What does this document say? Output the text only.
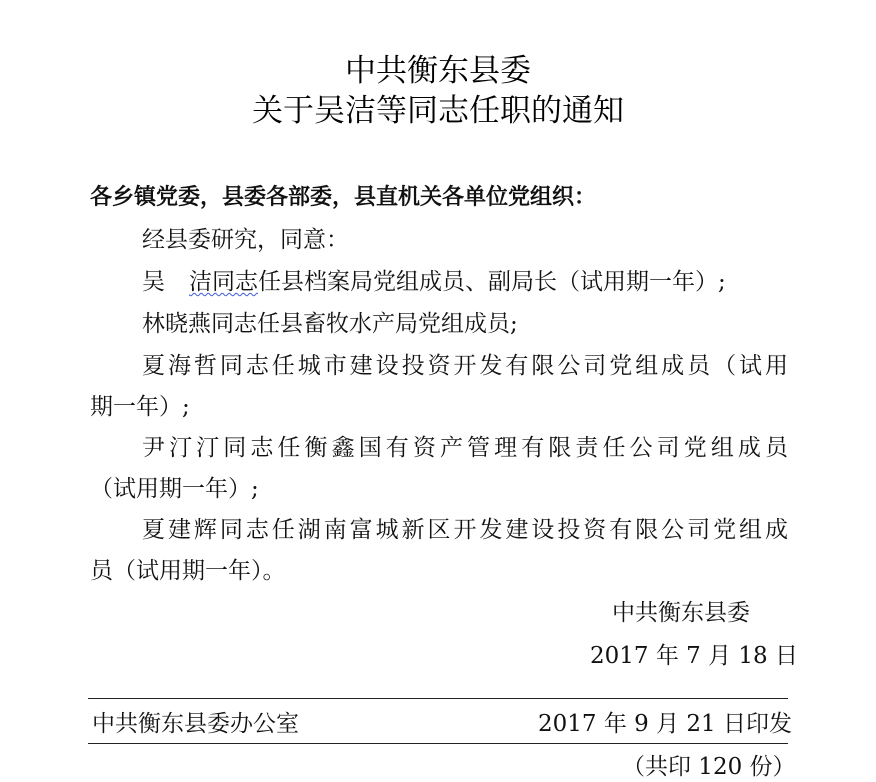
中共衡东县委
关于吴洁等同志任职的通知
各乡镇党委，县委各部委，县直机关各单位党组织：
经县委研究，同意：
吴 洁同志任县档案局党组成员、副局长（试用期一年）;
林晓燕同志任县畜牧水产局党组成员;
夏海哲同志任城市建设投资开发有限公司党组成员（试用
期一年）;
尹汀汀同志任衡鑫国有资产管理有限责任公司党组成员
（试用期一年）;
夏建辉同志任湖南富城新区开发建设投资有限公司党组成
员（试用期一年）。
中共衡东县委
2017 年 7 月 18 日
中共衡东县委办公室	2017 年 9 月 21 日印发
（共印 120 份）
